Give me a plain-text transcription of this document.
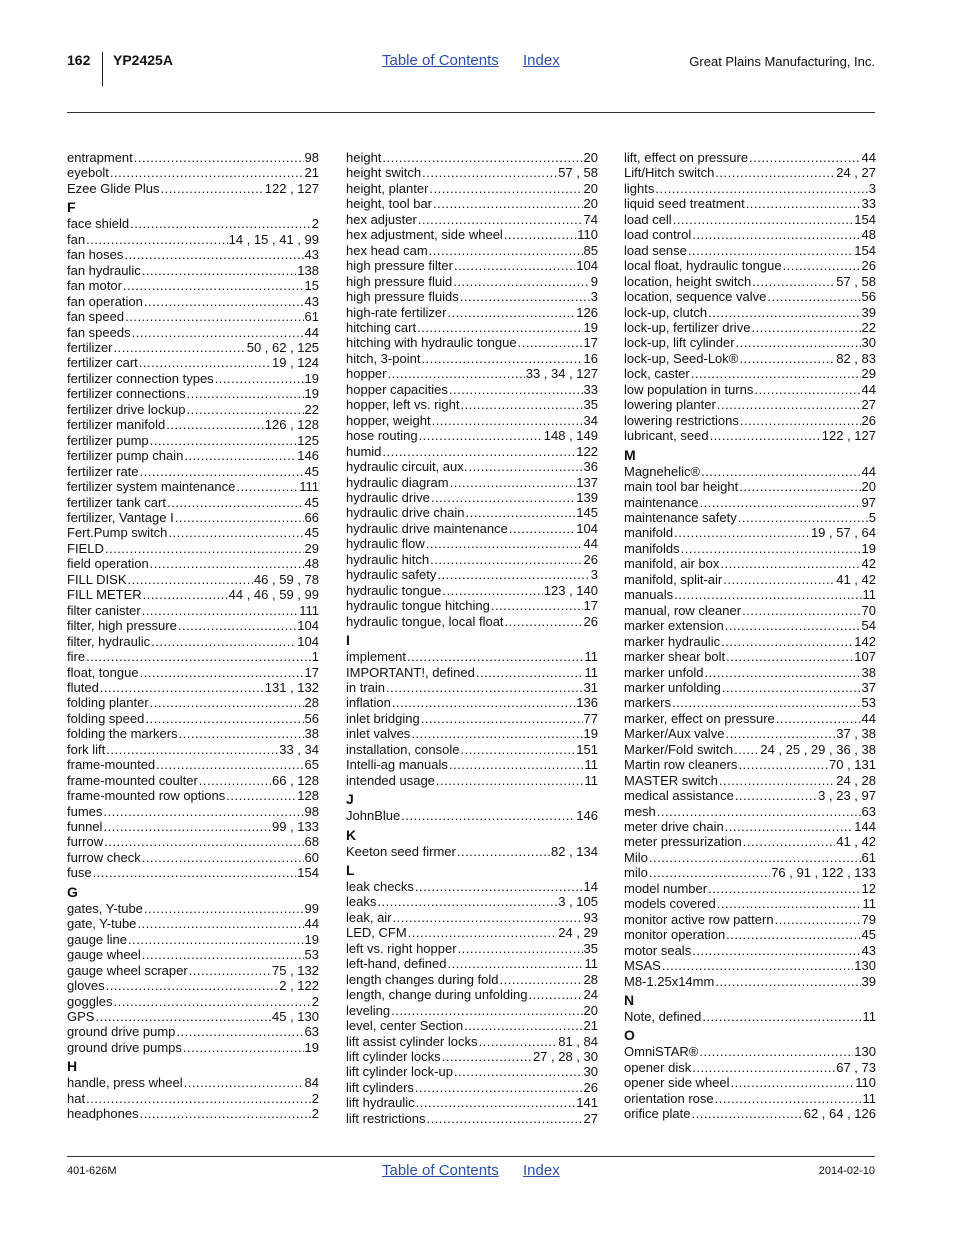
162 YP2425A	Table of Contents Index	Great Plains Manufacturing, Inc.
entrapment .....	98
eyebolt .....	21
Ezee Glide Plus .....	122 , 127
F
face shield .....	2
fan .....	14 , 15 , 41 , 99
fan hoses .....	43
fan hydraulic .....	138
fan motor .....	15
fan operation .....	43
fan speed .....	61
fan speeds .....	44
fertilizer .....	50 , 62 , 125
fertilizer cart .....	19 , 124
fertilizer connection types .....	19
fertilizer connections .....	19
fertilizer drive lockup .....	22
fertilizer manifold .....	126 , 128
fertilizer pump .....	125
fertilizer pump chain .....	146
fertilizer rate .....	45
fertilizer system maintenance .....	111
fertilizer tank cart .....	45
fertilizer, Vantage I .....	66
Fert.Pump switch .....	45
FIELD .....	29
field operation .....	48
FILL DISK .....	46 , 59 , 78
FILL METER .....	44 , 46 , 59 , 99
filter canister .....	111
filter, high pressure .....	104
filter, hydraulic .....	104
fire .....	1
float, tongue .....	17
fluted .....	131 , 132
folding planter .....	28
folding speed .....	56
folding the markers .....	38
fork lift .....	33 , 34
frame-mounted .....	65
frame-mounted coulter .....	66 , 128
frame-mounted row options .....	128
fumes .....	98
funnel .....	99 , 133
furrow .....	68
furrow check .....	60
fuse .....	154
G
gates, Y-tube .....	99
gate, Y-tube .....	44
gauge line .....	19
gauge wheel .....	53
gauge wheel scraper .....	75 , 132
gloves .....	2 , 122
goggles .....	2
GPS .....	45 , 130
ground drive pump .....	63
ground drive pumps .....	19
H
handle, press wheel .....	84
hat .....	2
headphones .....	2
height .....	20
height switch .....	57 , 58
height, planter .....	20
height, tool bar .....	20
hex adjuster .....	74
hex adjustment, side wheel .....	110
hex head cam .....	85
high pressure filter .....	104
high pressure fluid .....	9
high pressure fluids .....	3
high-rate fertilizer .....	126
hitching cart .....	19
hitching with hydraulic tongue .....	17
hitch, 3-point .....	16
hopper .....	33 , 34 , 127
hopper capacities .....	33
hopper, left vs. right .....	35
hopper, weight .....	34
hose routing .....	148 , 149
humid .....	122
hydraulic circuit, aux. .....	36
hydraulic diagram .....	137
hydraulic drive .....	139
hydraulic drive chain .....	145
hydraulic drive maintenance .....	104
hydraulic flow .....	44
hydraulic hitch .....	26
hydraulic safety .....	3
hydraulic tongue .....	123 , 140
hydraulic tongue hitching .....	17
hydraulic tongue, local float .....	26
I
implement .....	11
IMPORTANT!, defined .....	11
in train .....	31
inflation .....	136
inlet bridging .....	77
inlet valves .....	19
installation, console .....	151
Intelli-ag manuals .....	11
intended usage .....	11
J
JohnBlue .....	146
K
Keeton seed firmer .....	82 , 134
L
leak checks .....	14
leaks .....	3 , 105
leak, air .....	93
LED, CFM .....	24 , 29
left vs. right hopper .....	35
left-hand, defined .....	11
length changes during fold .....	28
length, change during unfolding .....	24
leveling .....	20
level, center Section .....	21
lift assist cylinder locks .....	81 , 84
lift cylinder locks .....	27 , 28 , 30
lift cylinder lock-up .....	30
lift cylinders .....	26
lift hydraulic .....	141
lift restrictions .....	27
lift, effect on pressure .....	44
Lift/Hitch switch .....	24 , 27
lights .....	3
liquid seed treatment .....	33
load cell .....	154
load control .....	48
load sense .....	154
local float, hydraulic tongue .....	26
location, height switch .....	57 , 58
location, sequence valve .....	56
lock-up, clutch .....	39
lock-up, fertilizer drive .....	22
lock-up, lift cylinder .....	30
lock-up, Seed-Lok® .....	82 , 83
lock, caster .....	29
low population in turns .....	44
lowering planter .....	27
lowering restrictions .....	26
lubricant, seed .....	122 , 127
M
Magnehelic® .....	44
main tool bar height .....	20
maintenance .....	97
maintenance safety .....	5
manifold .....	19 , 57 , 64
manifolds .....	19
manifold, air box .....	42
manifold, split-air .....	41 , 42
manuals .....	11
manual, row cleaner .....	70
marker extension .....	54
marker hydraulic .....	142
marker shear bolt .....	107
marker unfold .....	38
marker unfolding .....	37
markers .....	53
marker, effect on pressure .....	44
Marker/Aux valve .....	37 , 38
Marker/Fold switch ..... 24 , 25 , 29 , 36 , 38
Martin row cleaners .....	70 , 131
MASTER switch .....	24 , 28
medical assistance .....	3 , 23 , 97
mesh .....	63
meter drive chain .....	144
meter pressurization .....	41 , 42
Milo .....	61
milo .....	76 , 91 , 122 , 133
model number .....	12
models covered .....	11
monitor active row pattern .....	79
monitor operation .....	45
motor seals .....	43
MSAS .....	130
M8-1.25x14mm .....	39
N
Note, defined .....	11
O
OmniSTAR® .....	130
opener disk .....	67 , 73
opener side wheel .....	110
orientation rose .....	11
orifice plate .....	62 , 64 , 126
401-626M	Table of Contents Index	2014-02-10
